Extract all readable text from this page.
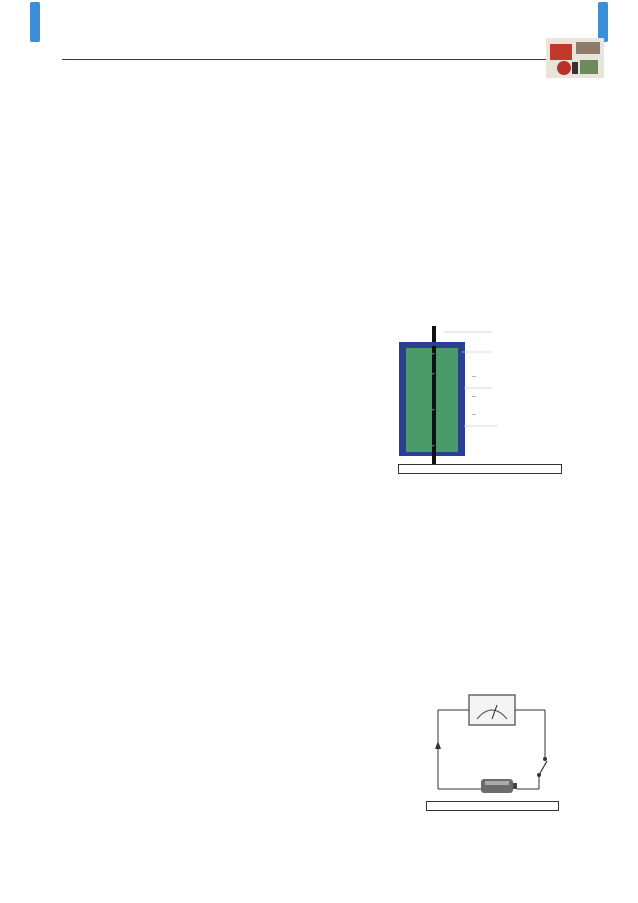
-
-
-
-
–
–
–
